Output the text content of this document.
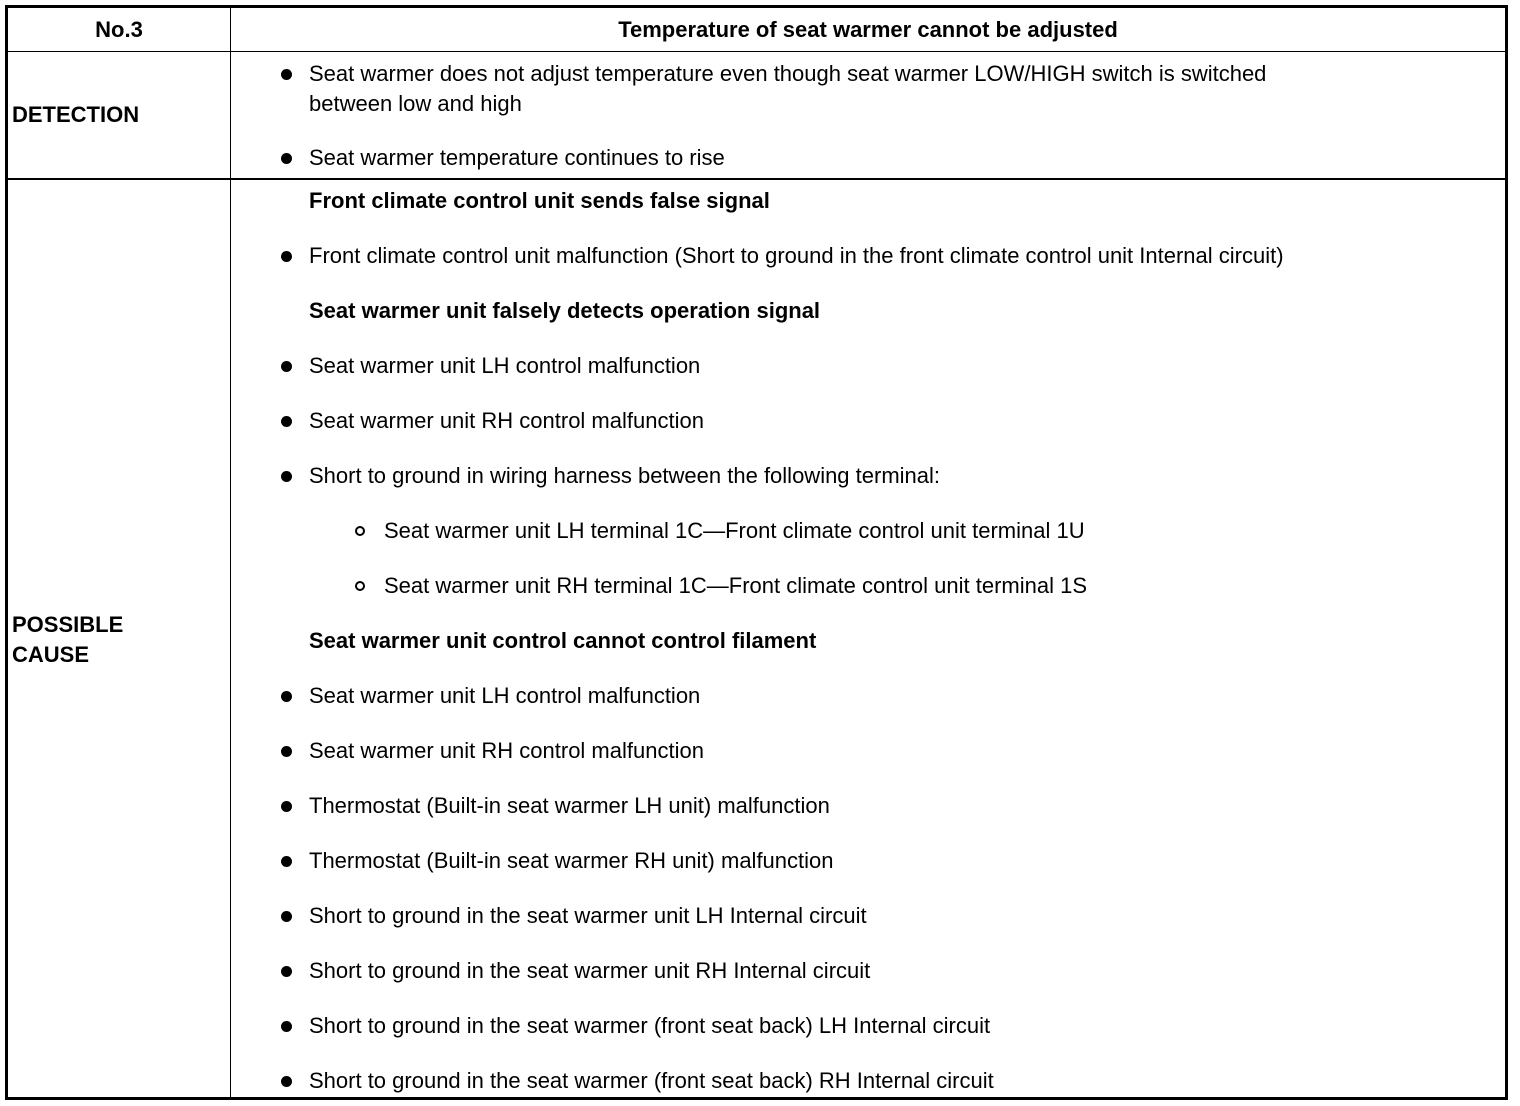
No.3	Temperature of seat warmer cannot be adjusted
DETECTION
Seat warmer does not adjust temperature even though seat warmer LOW/HIGH switch is switched
between low and high
Seat warmer temperature continues to rise
POSSIBLE
CAUSE
Front climate control unit sends false signal
Front climate control unit malfunction (Short to ground in the front climate control unit Internal circuit)
Seat warmer unit falsely detects operation signal
Seat warmer unit LH control malfunction
Seat warmer unit RH control malfunction
Short to ground in wiring harness between the following terminal:
Seat warmer unit LH terminal 1C—Front climate control unit terminal 1U
Seat warmer unit RH terminal 1C—Front climate control unit terminal 1S
Seat warmer unit control cannot control filament
Seat warmer unit LH control malfunction
Seat warmer unit RH control malfunction
Thermostat (Built-in seat warmer LH unit) malfunction
Thermostat (Built-in seat warmer RH unit) malfunction
Short to ground in the seat warmer unit LH Internal circuit
Short to ground in the seat warmer unit RH Internal circuit
Short to ground in the seat warmer (front seat back) LH Internal circuit
Short to ground in the seat warmer (front seat back) RH Internal circuit
